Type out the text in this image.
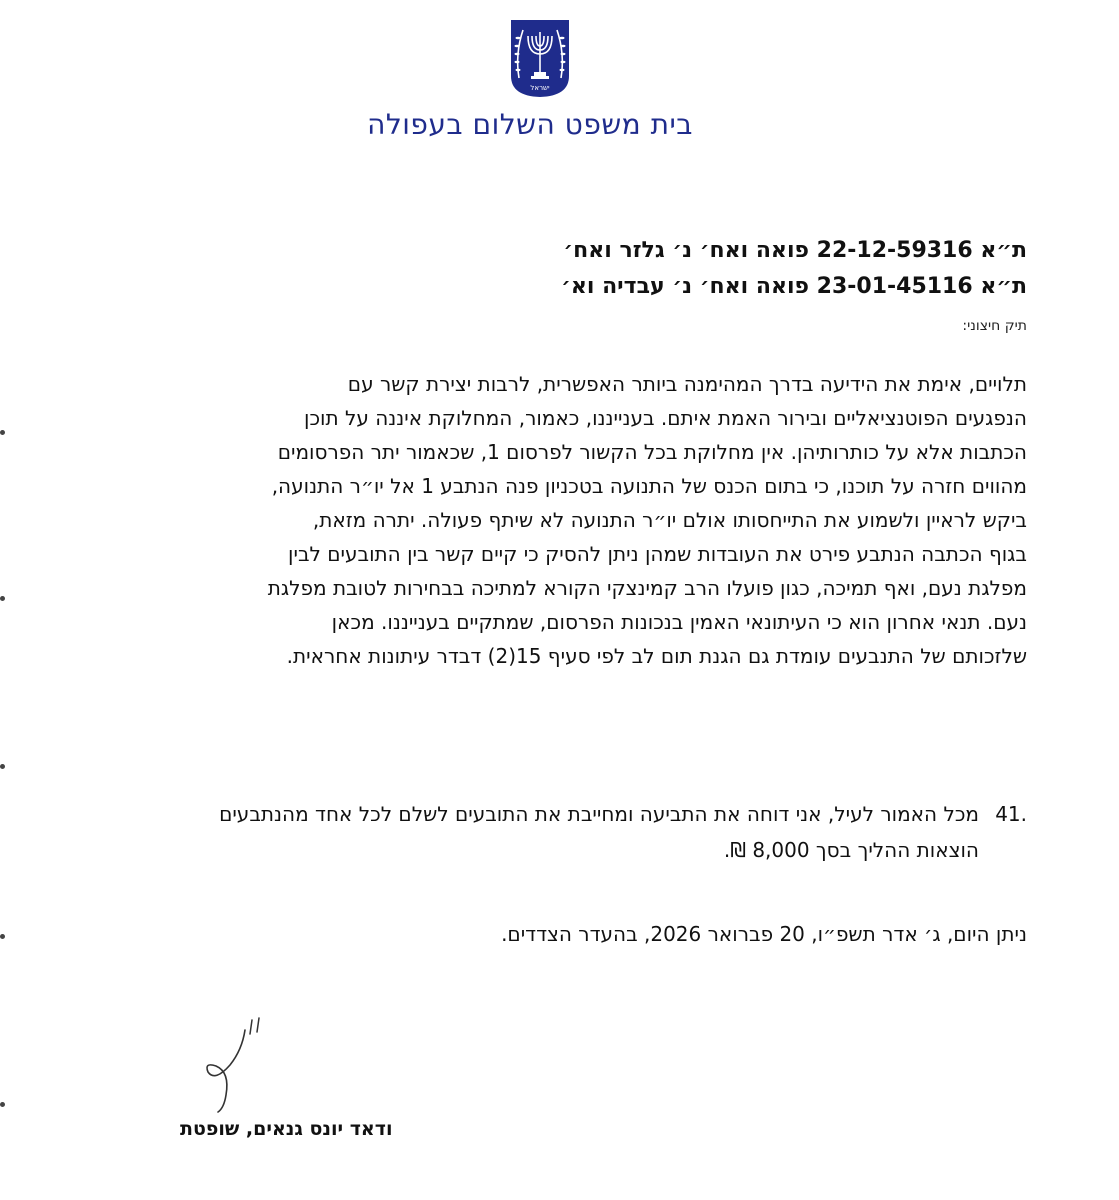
ישראל
בית משפט השלום בעפולה
ת״א 22-12-59316 פואה ואח׳ נ׳ גלזר ואח׳
ת״א 23-01-45116 פואה ואח׳ נ׳ עבדיה וא׳
תיק חיצוני:
תלויים, אימת את הידיעה בדרך המהימנה ביותר האפשרית, לרבות יצירת קשר עם
הנפגעים הפוטנציאליים ובירור האמת איתם. בענייננו, כאמור, המחלוקת איננה על תוכן
הכתבות אלא על כותרותיהן. אין מחלוקת בכל הקשור לפרסום 1, שכאמור יתר הפרסומים
מהווים חזרה על תוכנו, כי בתום הכנס של התנועה בטכניון פנה הנתבע 1 אל יו״ר התנועה,
ביקש לראיין ולשמוע את התייחסותו אולם יו״ר התנועה לא שיתף פעולה. יתרה מזאת,
בגוף הכתבה הנתבע פירט את העובדות שמהן ניתן להסיק כי קיים קשר בין התובעים לבין
מפלגת נעם, ואף תמיכה, כגון פועלו הרב קמינצקי הקורא למתיכה בבחירות לטובת מפלגת
נעם. תנאי אחרון הוא כי העיתונאי האמין בנכונות הפרסום, שמתקיים בענייננו. מכאן
שלזכותם של התנבעים עומדת גם הגנת תום לב לפי סעיף 15(2) דבדר עיתונות אחראית.
41.
מכל האמור לעיל, אני דוחה את התביעה ומחייבת את התובעים לשלם לכל אחד מהנתבעים
הוצאות ההליך בסך 8,000 ₪.
ניתן היום, ג׳ אדר תשפ״ו, 20 פברואר 2026, בהעדר הצדדים.
ודאד יונס גנאים, שופטת
